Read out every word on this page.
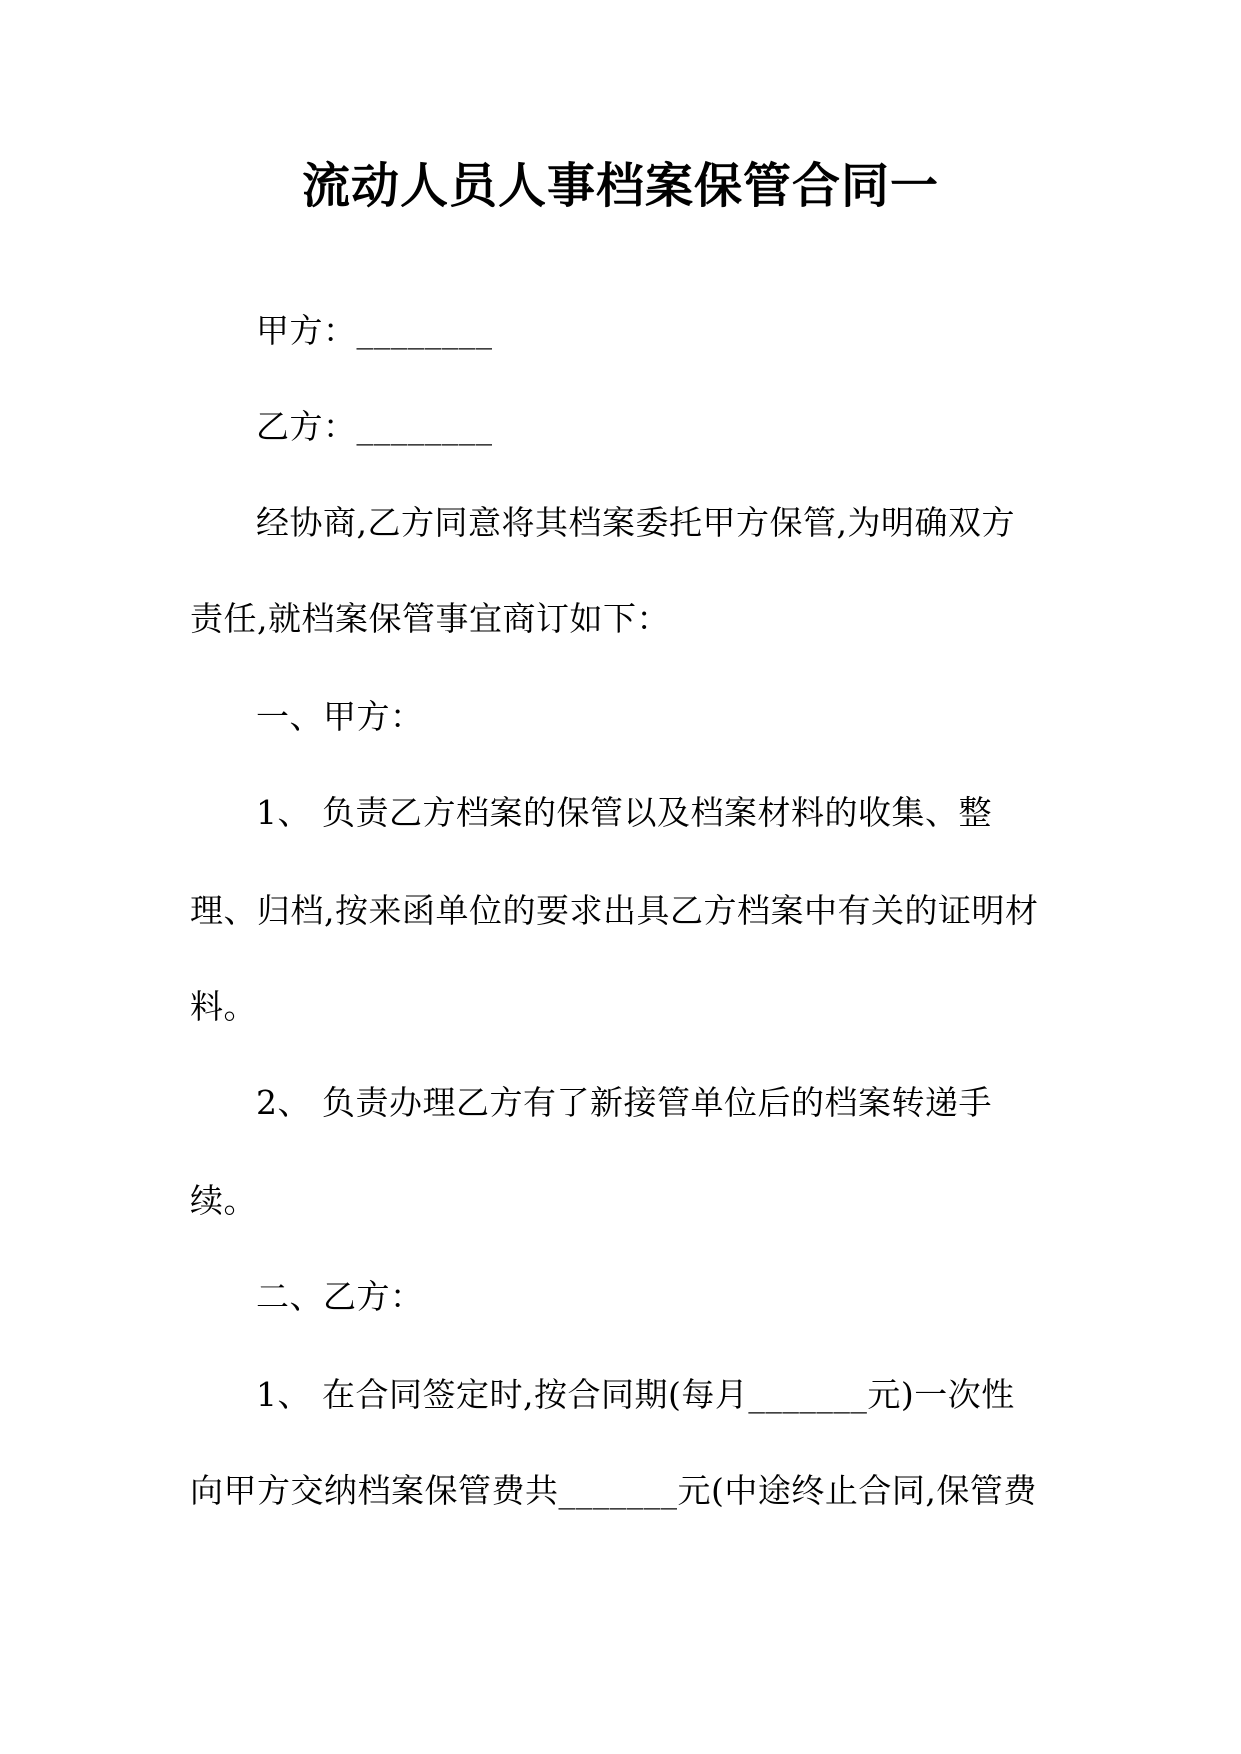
流动人员人事档案保管合同一
甲方：________
乙方：________
经协商,乙方同意将其档案委托甲方保管,为明确双方
责任,就档案保管事宜商订如下：
一、甲方：
1、 负责乙方档案的保管以及档案材料的收集、整
理、归档,按来函单位的要求出具乙方档案中有关的证明材
料。
2、 负责办理乙方有了新接管单位后的档案转递手
续。
二、乙方：
1、 在合同签定时,按合同期(每月_______元)一次性
向甲方交纳档案保管费共_______元(中途终止合同,保管费
